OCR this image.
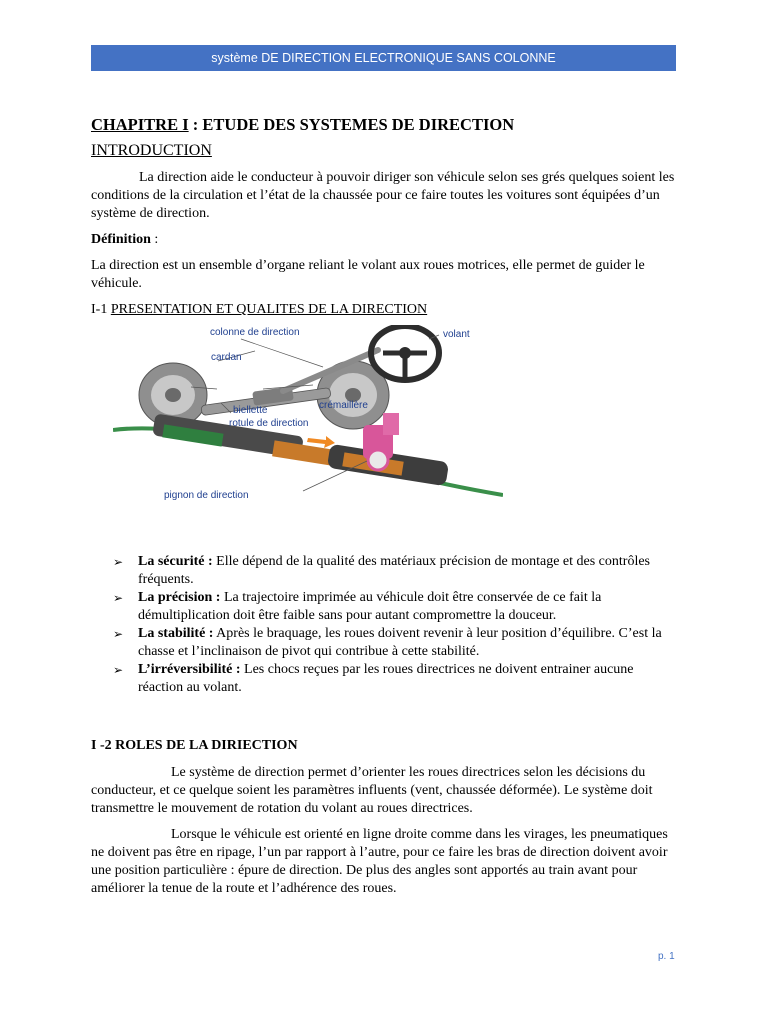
système DE DIRECTION ELECTRONIQUE SANS COLONNE
CHAPITRE I : ETUDE DES SYSTEMES DE DIRECTION
INTRODUCTION

La direction aide le conducteur à pouvoir diriger son véhicule selon ses grés quelques soient les conditions de la circulation et l’état de la chaussée pour ce faire toutes les voitures sont équipées d’un système de direction.

Définition :

La direction est un ensemble d’organe reliant le volant aux roues motrices, elle permet de guider le véhicule.

I-1 PRESENTATION ET QUALITES DE LA DIRECTION
colonne de direction	volant
cardan
crémaillère
biellette
rotule de direction
pignon de direction
➢ La sécurité : Elle dépend de la qualité des matériaux précision de montage et des contrôles fréquents.
➢ La précision : La trajectoire imprimée au véhicule doit être conservée de ce fait la démultiplication doit être faible sans pour autant compromettre la douceur.
➢ La stabilité : Après le braquage, les roues doivent revenir à leur position d’équilibre. C’est la chasse et l’inclinaison de pivot qui contribue à cette stabilité.
➢ L’irréversibilité : Les chocs reçues par les roues directrices ne doivent entrainer aucune réaction au volant.
I -2 ROLES DE LA DIRIECTION

Le système de direction permet d’orienter les roues directrices selon les décisions du conducteur, et ce quelque soient les paramètres influents (vent, chaussée déformée). Le système doit transmettre le mouvement de rotation du volant au roues directrices.

Lorsque le véhicule est orienté en ligne droite comme dans les virages, les pneumatiques ne doivent pas être en ripage, l’un par rapport à l’autre, pour ce faire les bras de direction doivent avoir une position particulière : épure de direction. De plus des angles sont apportés au train avant pour améliorer la tenue de la route et l’adhérence des roues.

p. 1
